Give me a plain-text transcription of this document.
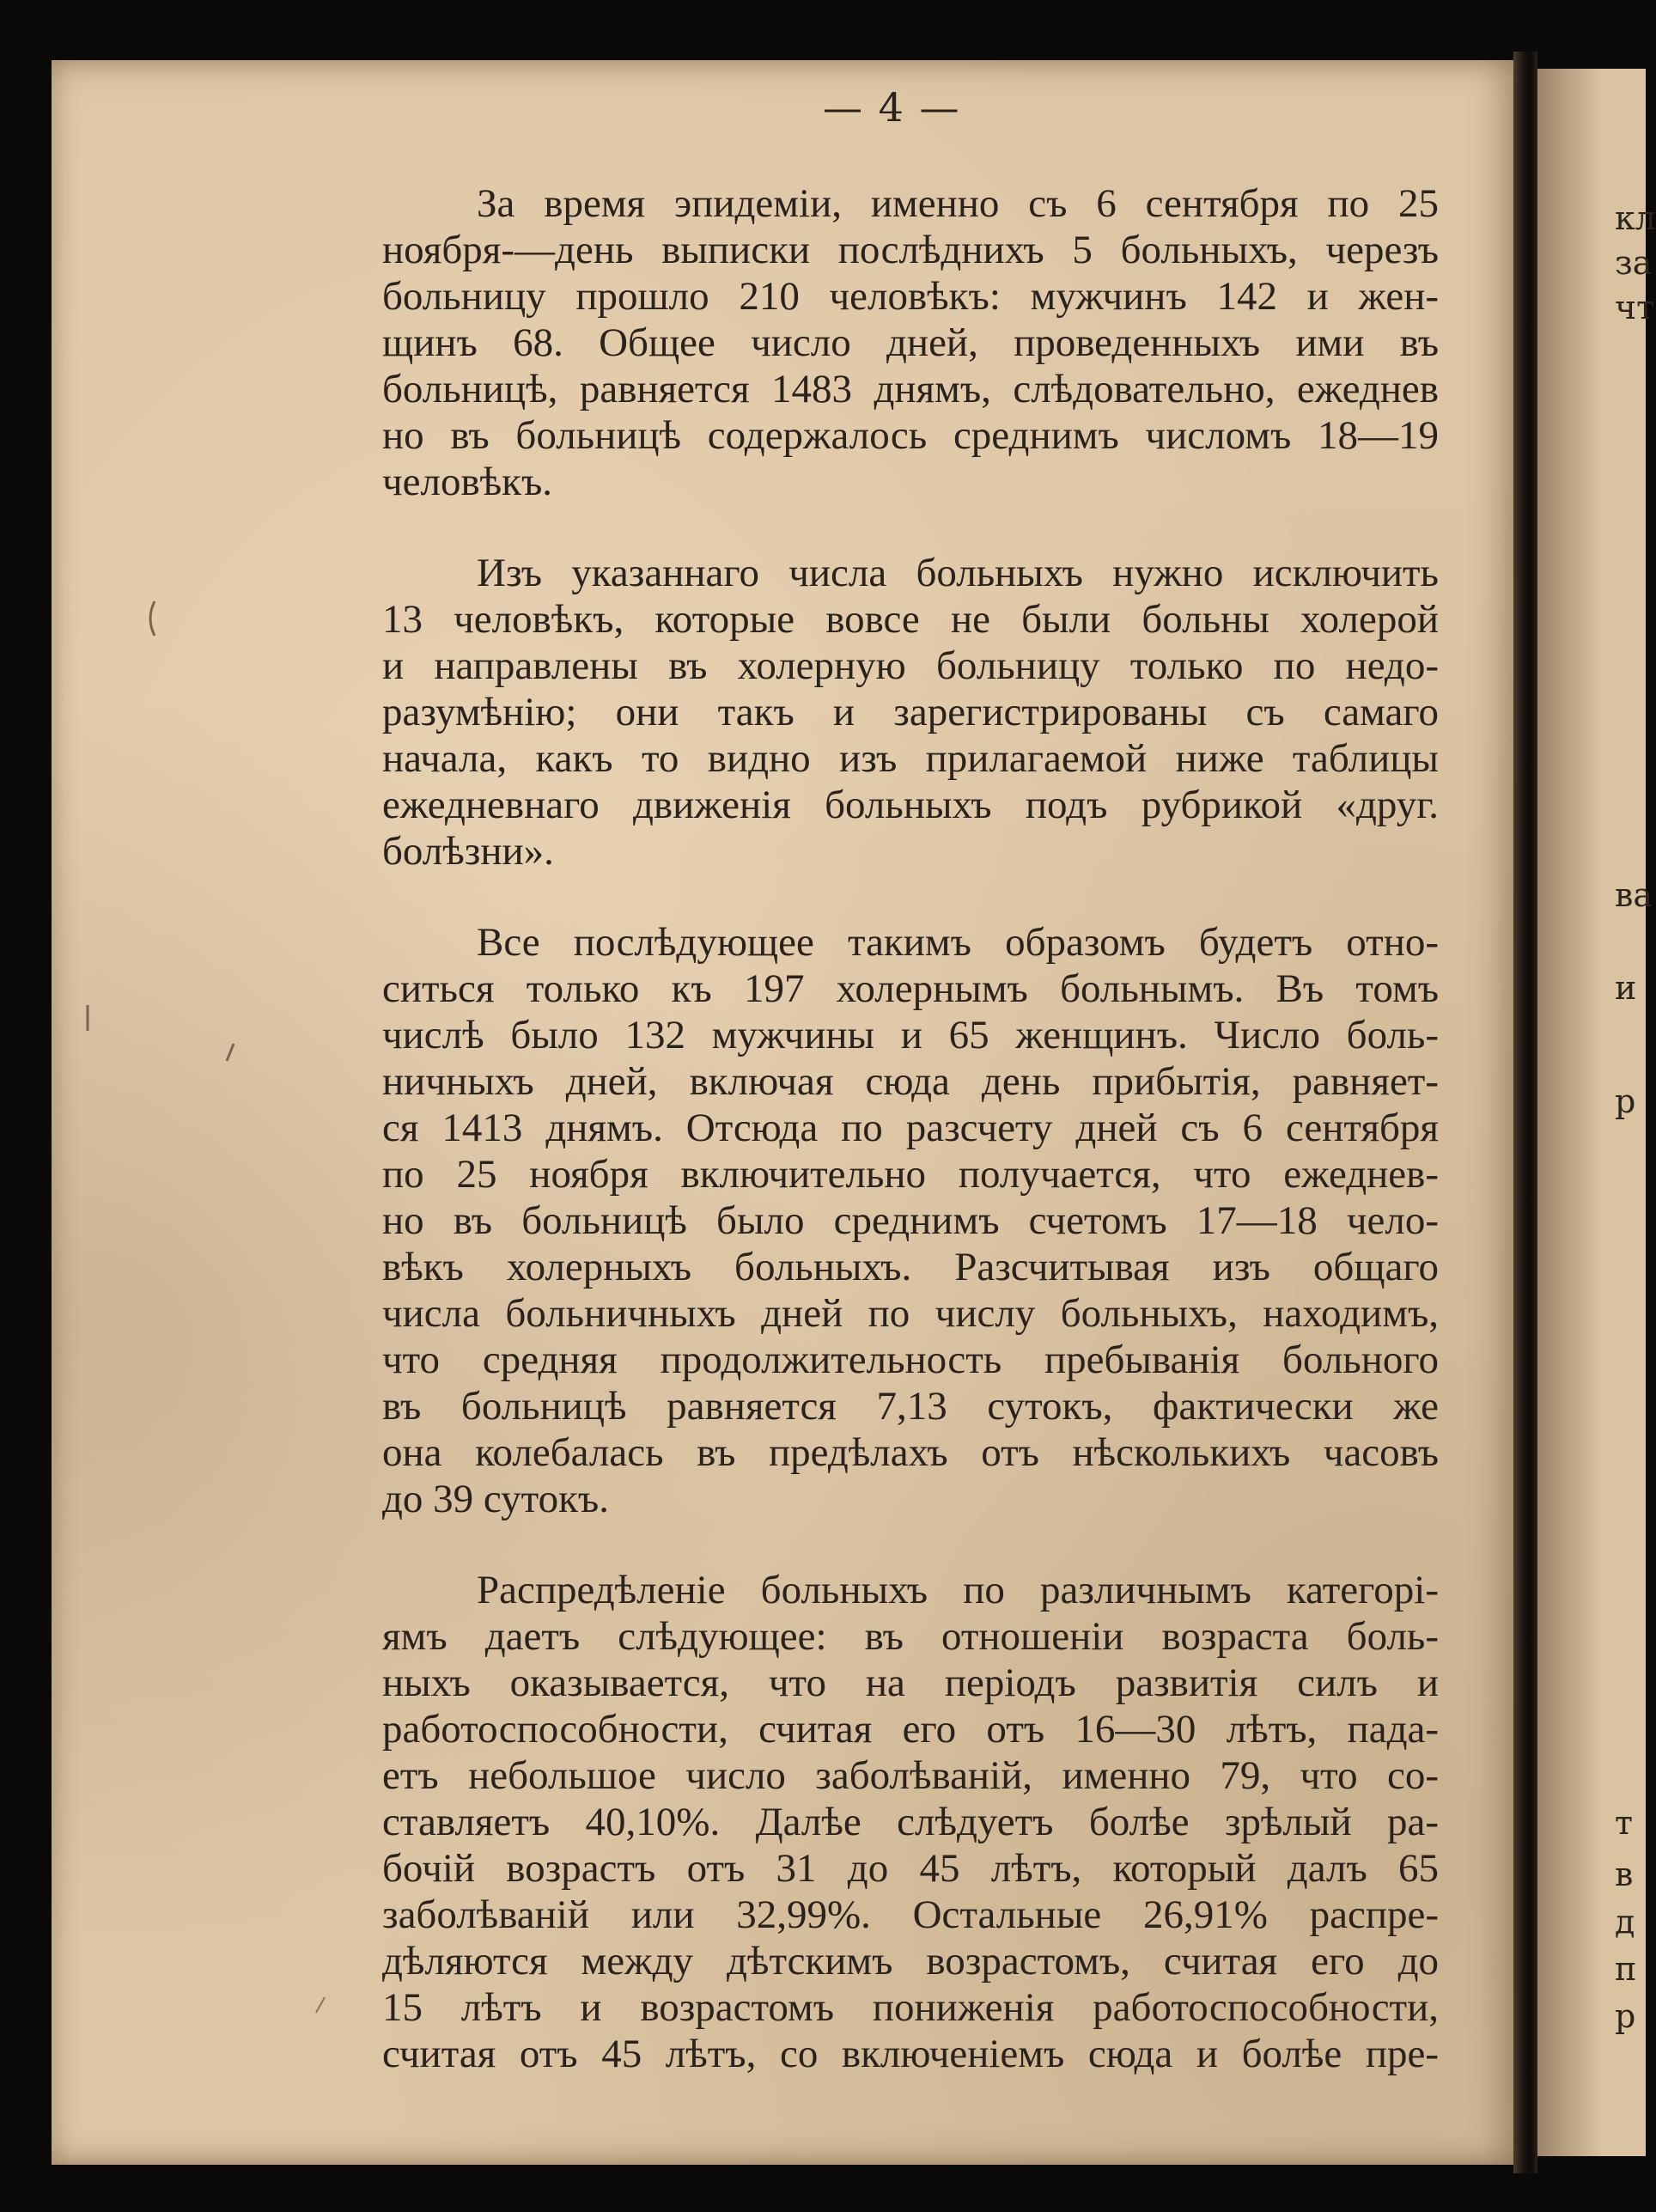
— 4 —
За время эпидеміи, именно съ 6 сентября по 25
ноября-—день выписки послѣднихъ 5 больныхъ, черезъ
больницу прошло 210 человѣкъ: мужчинъ 142 и жен-
щинъ 68. Общее число дней, проведенныхъ ими въ
больницѣ, равняется 1483 днямъ, слѣдовательно, ежеднев
но въ больницѣ содержалось среднимъ числомъ 18—19
человѣкъ.
Изъ указаннаго числа больныхъ нужно исключить
13 человѣкъ, которые вовсе не были больны холерой
и направлены въ холерную больницу только по недо-
разумѣнію; они такъ и зарегистрированы съ самаго
начала, какъ то видно изъ прилагаемой ниже таблицы
ежедневнаго движенія больныхъ подъ рубрикой «друг.
болѣзни».
Все послѣдующее такимъ образомъ будетъ отно-
ситься только къ 197 холернымъ больнымъ. Въ томъ
числѣ было 132 мужчины и 65 женщинъ. Число боль-
ничныхъ дней, включая сюда день прибытія, равняет-
ся 1413 днямъ. Отсюда по разсчету дней съ 6 сентября
по 25 ноября включительно получается, что ежеднев-
но въ больницѣ было среднимъ счетомъ 17—18 чело-
вѣкъ холерныхъ больныхъ. Разсчитывая изъ общаго
числа больничныхъ дней по числу больныхъ, находимъ,
что средняя продолжительность пребыванія больного
въ больницѣ равняется 7,13 сутокъ, фактически же
она колебалась въ предѣлахъ отъ нѣсколькихъ часовъ
до 39 сутокъ.
Распредѣленіе больныхъ по различнымъ категорі-
ямъ даетъ слѣдующее: въ отношеніи возраста боль-
ныхъ оказывается, что на періодъ развитія силъ и
работоспособности, считая его отъ 16—30 лѣтъ, пада-
етъ небольшое число заболѣваній, именно 79, что со-
ставляетъ 40,10%. Далѣе слѣдуетъ болѣе зрѣлый ра-
бочій возрастъ отъ 31 до 45 лѣтъ, который далъ 65
заболѣваній или 32,99%. Остальные 26,91% распре-
дѣляются между дѣтскимъ возрастомъ, считая его до
15 лѣтъ и возрастомъ пониженія работоспособности,
считая отъ 45 лѣтъ, со включеніемъ сюда и болѣе пре-
кл
за
чт
ва
и
р
т
в
д
п
р
